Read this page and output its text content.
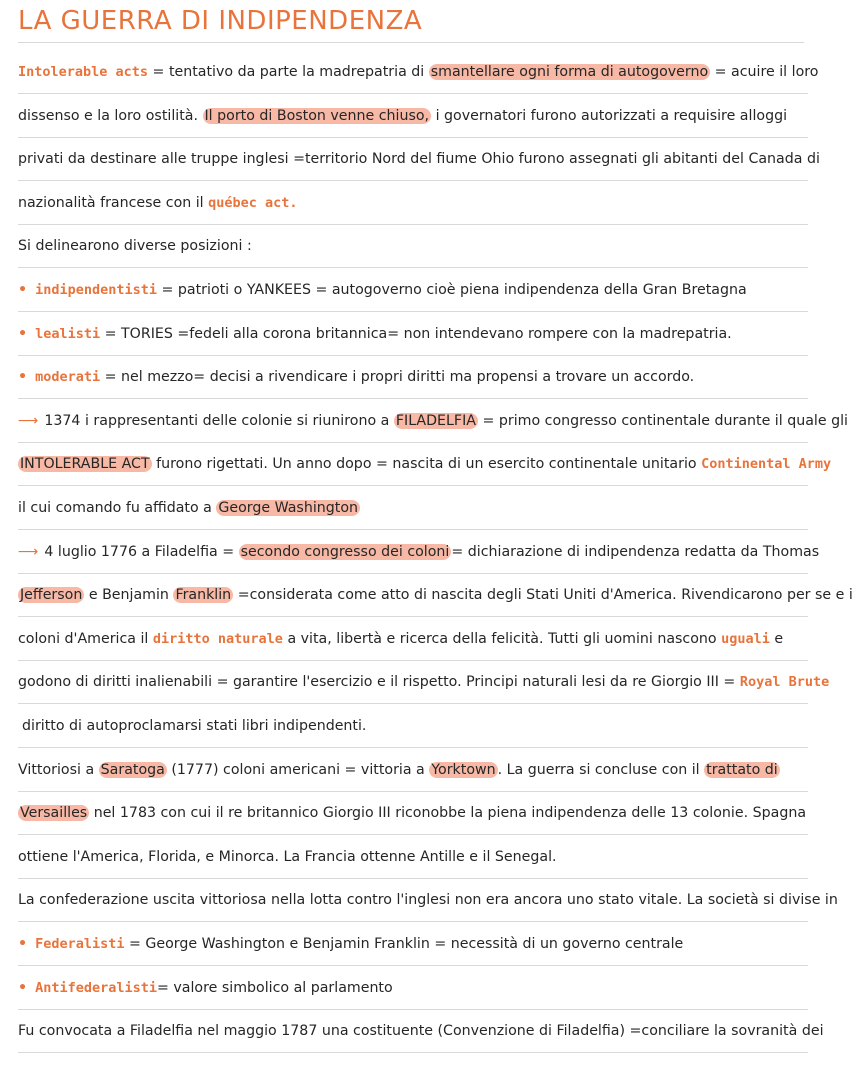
LA GUERRA DI INDIPENDENZA
Intolerable acts = tentativo da parte la madrepatria di smantellare ogni forma di autogoverno = acuire il loro
dissenso e la loro ostilità. Il porto di Boston venne chiuso, i governatori furono autorizzati a requisire alloggi
privati da destinare alle truppe inglesi =territorio Nord del fiume Ohio furono assegnati gli abitanti del Canada di
nazionalità francese con il québec act.
Si delinearono diverse posizioni :
• indipendentisti = patrioti o YANKEES = autogoverno cioè piena indipendenza della Gran Bretagna
• lealisti = TORIES =fedeli alla corona britannica= non intendevano rompere con la madrepatria.
• moderati = nel mezzo= decisi a rivendicare i propri diritti ma propensi a trovare un accordo.
⟶ 1374 i rappresentanti delle colonie si riunirono a FILADELFIA = primo congresso continentale durante il quale gli
INTOLERABLE ACT furono rigettati. Un anno dopo = nascita di un esercito continentale unitario Continental Army
il cui comando fu affidato a George Washington
⟶ 4 luglio 1776 a Filadelfia = secondo congresso dei coloni = dichiarazione di indipendenza redatta da Thomas
Jefferson e Benjamin Franklin =considerata come atto di nascita degli Stati Uniti d'America. Rivendicarono per se e i
coloni d'America il diritto naturale a vita, libertà e ricerca della felicità. Tutti gli uomini nascono uguali e
godono di diritti inalienabili = garantire l'esercizio e il rispetto. Principi naturali lesi da re Giorgio III = Royal Brute
diritto di autoproclamarsi stati libri indipendenti.
Vittoriosi a Saratoga (1777) coloni americani = vittoria a Yorktown . La guerra si concluse con il trattato di
Versailles nel 1783 con cui il re britannico Giorgio III riconobbe la piena indipendenza delle 13 colonie. Spagna
ottiene l'America, Florida, e Minorca. La Francia ottenne Antille e il Senegal.
La confederazione uscita vittoriosa nella lotta contro l'inglesi non era ancora uno stato vitale. La società si divise in
• Federalisti = George Washington e Benjamin Franklin = necessità di un governo centrale
• Antifederalisti= valore simbolico al parlamento
Fu convocata a Filadelfia nel maggio 1787 una costituente (Convenzione di Filadelfia) =conciliare la sovranità dei
